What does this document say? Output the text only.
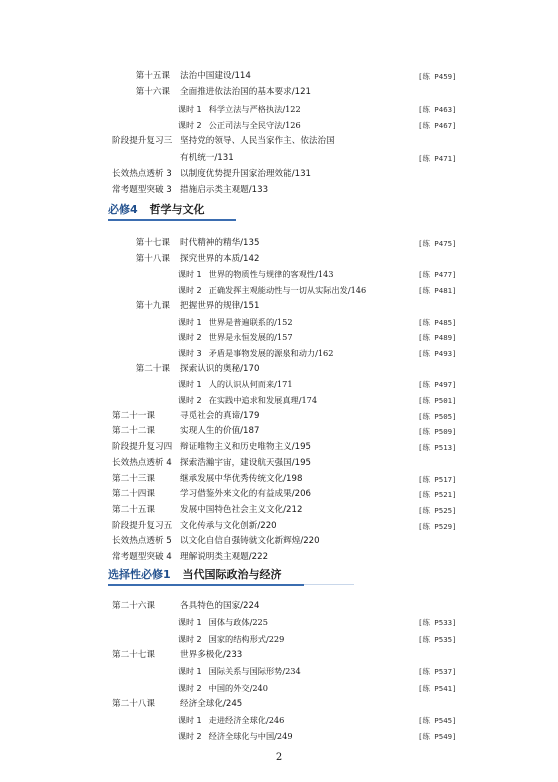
第十五课 法治中国建设/114	[练 P459]
第十六课 全面推进依法治国的基本要求/121
课时 1 科学立法与严格执法/122	[练 P463]
课时 2 公正司法与全民守法/126	[练 P467]
阶段提升复习三 坚持党的领导、人民当家作主、依法治国
有机统一/131	[练 P471]
长效热点透析 3 以制度优势提升国家治理效能/131
常考题型突破 3 措施启示类主观题/133
必修4 哲学与文化
第十七课 时代精神的精华/135	[练 P475]
第十八课 探究世界的本质/142
课时 1 世界的物质性与规律的客观性/143	[练 P477]
课时 2 正确发挥主观能动性与一切从实际出发/146	[练 P481]
第十九课 把握世界的规律/151
课时 1 世界是普遍联系的/152	[练 P485]
课时 2 世界是永恒发展的/157	[练 P489]
课时 3 矛盾是事物发展的源泉和动力/162	[练 P493]
第二十课 探索认识的奥秘/170
课时 1 人的认识从何而来/171	[练 P497]
课时 2 在实践中追求和发展真理/174	[练 P501]
第二十一课	寻觅社会的真谛/179	[练 P505]
第二十二课	实现人生的价值/187	[练 P509]
阶段提升复习四 辩证唯物主义和历史唯物主义/195	[练 P513]
长效热点透析 4 探索浩瀚宇宙，建设航天强国/195
第二十三课	继承发展中华优秀传统文化/198	[练 P517]
第二十四课	学习借鉴外来文化的有益成果/206	[练 P521]
第二十五课	发展中国特色社会主义文化/212	[练 P525]
阶段提升复习五 文化传承与文化创新/220	[练 P529]
长效热点透析 5 以文化自信自强铸就文化新辉煌/220
常考题型突破 4 理解说明类主观题/222
选择性必修1 当代国际政治与经济
第二十六课	各具特色的国家/224
课时 1 国体与政体/225	[练 P533]
课时 2 国家的结构形式/229	[练 P535]
第二十七课	世界多极化/233
课时 1 国际关系与国际形势/234	[练 P537]
课时 2 中国的外交/240	[练 P541]
第二十八课	经济全球化/245
课时 1 走进经济全球化/246	[练 P545]
课时 2 经济全球化与中国/249	[练 P549]
2
